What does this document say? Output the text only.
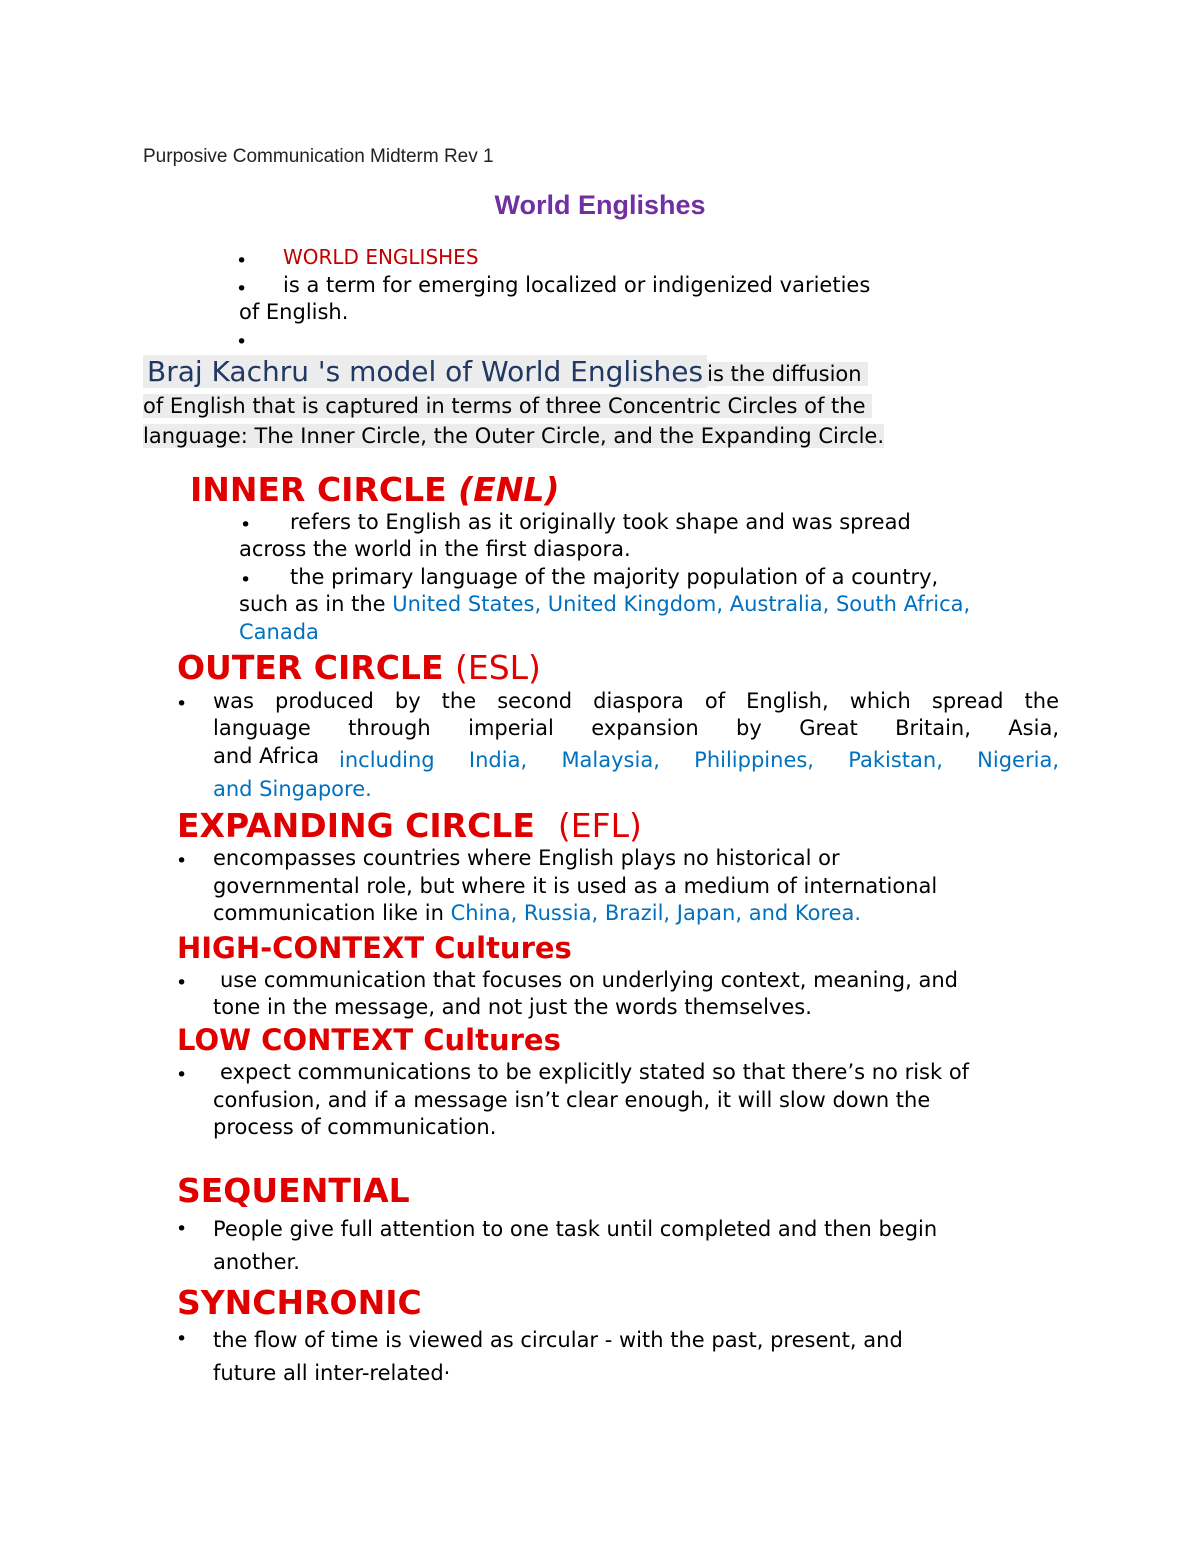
Purposive Communication Midterm Rev 1
World Englishes
• WORLD ENGLISHES
• is a term for emerging localized or indigenized varieties
of English.
•
Braj Kachru 's model of World Englishes is the diffusion
of English that is captured in terms of three Concentric Circles of the
language: The Inner Circle, the Outer Circle, and the Expanding Circle.
INNER CIRCLE (ENL)
• refers to English as it originally took shape and was spread
across the world in the first diaspora.
• the primary language of the majority population of a country,
such as in the United States, United Kingdom, Australia, South Africa,
Canada
OUTER CIRCLE (ESL)
• was produced by the second diaspora of English, which spread the
language through imperial expansion by Great Britain, Asia,
and Africa including India, Malaysia, Philippines, Pakistan, Nigeria,
and Singapore.
EXPANDING CIRCLE (EFL)
• encompasses countries where English plays no historical or
governmental role, but where it is used as a medium of international
communication like in China, Russia, Brazil, Japan, and Korea.
HIGH-CONTEXT Cultures
• use communication that focuses on underlying context, meaning, and
tone in the message, and not just the words themselves.
LOW CONTEXT Cultures
• expect communications to be explicitly stated so that there’s no risk of
confusion, and if a message isn’t clear enough, it will slow down the
process of communication.
SEQUENTIAL
• People give full attention to one task until completed and then begin
another.
SYNCHRONIC
• the flow of time is viewed as circular - with the past, present, and
future all inter-related·
